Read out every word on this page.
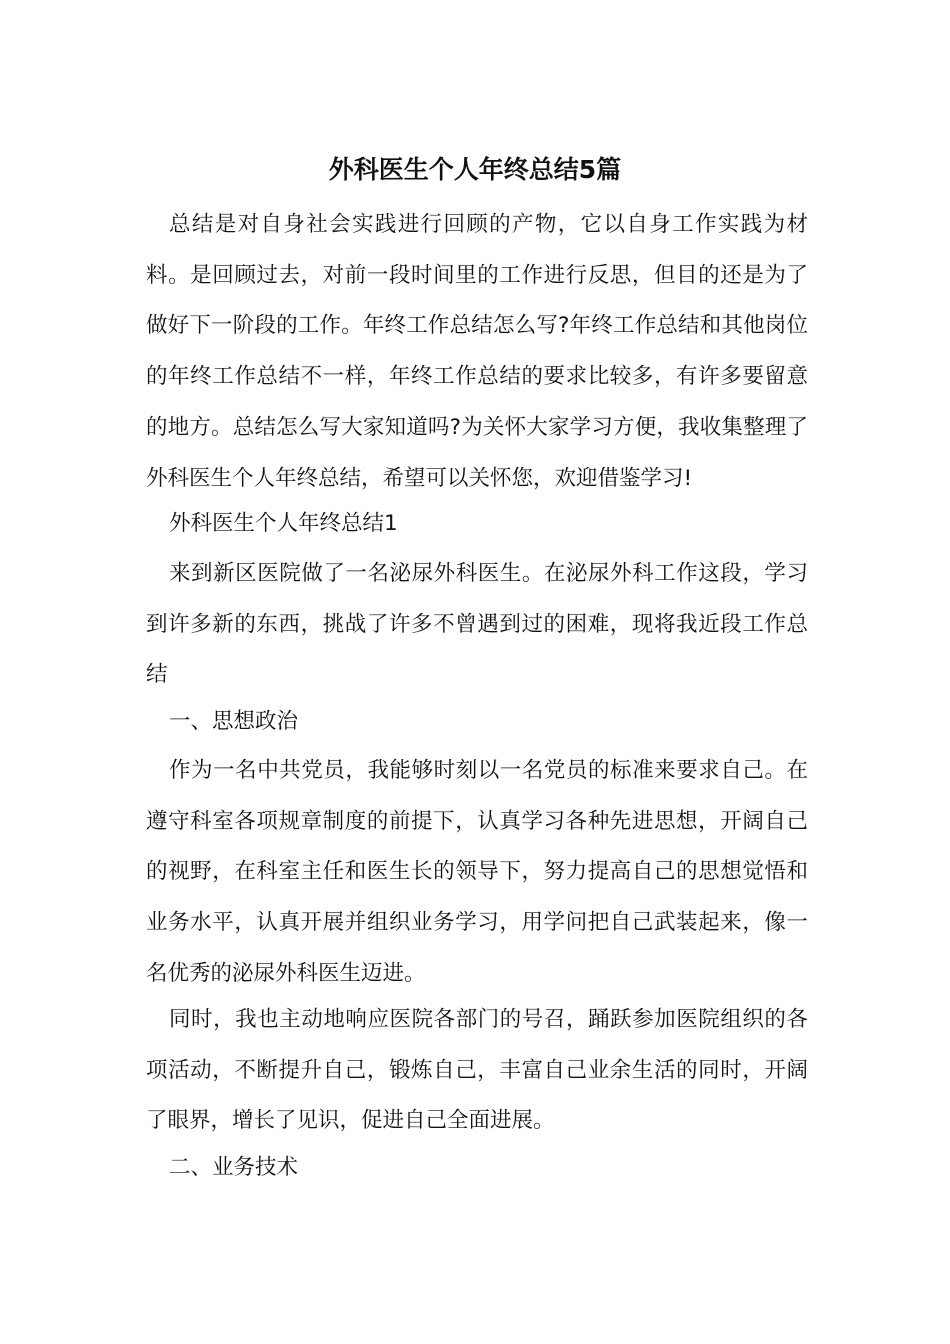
外科医生个人年终总结5篇

总结是对自身社会实践进行回顾的产物，它以自身工作实践为材料。是回顾过去，对前一段时间里的工作进行反思，但目的还是为了做好下一阶段的工作。年终工作总结怎么写?年终工作总结和其他岗位的年终工作总结不一样，年终工作总结的要求比较多，有许多要留意的地方。总结怎么写大家知道吗?为关怀大家学习方便，我收集整理了外科医生个人年终总结，希望可以关怀您，欢迎借鉴学习!

外科医生个人年终总结1

来到新区医院做了一名泌尿外科医生。在泌尿外科工作这段，学习到许多新的东西，挑战了许多不曾遇到过的困难，现将我近段工作总结

一、思想政治

作为一名中共党员，我能够时刻以一名党员的标准来要求自己。在遵守科室各项规章制度的前提下，认真学习各种先进思想，开阔自己的视野，在科室主任和医生长的领导下，努力提高自己的思想觉悟和业务水平，认真开展并组织业务学习，用学问把自己武装起来，像一名优秀的泌尿外科医生迈进。

同时，我也主动地响应医院各部门的号召，踊跃参加医院组织的各项活动，不断提升自己，锻炼自己，丰富自己业余生活的同时，开阔了眼界，增长了见识，促进自己全面进展。

二、业务技术
